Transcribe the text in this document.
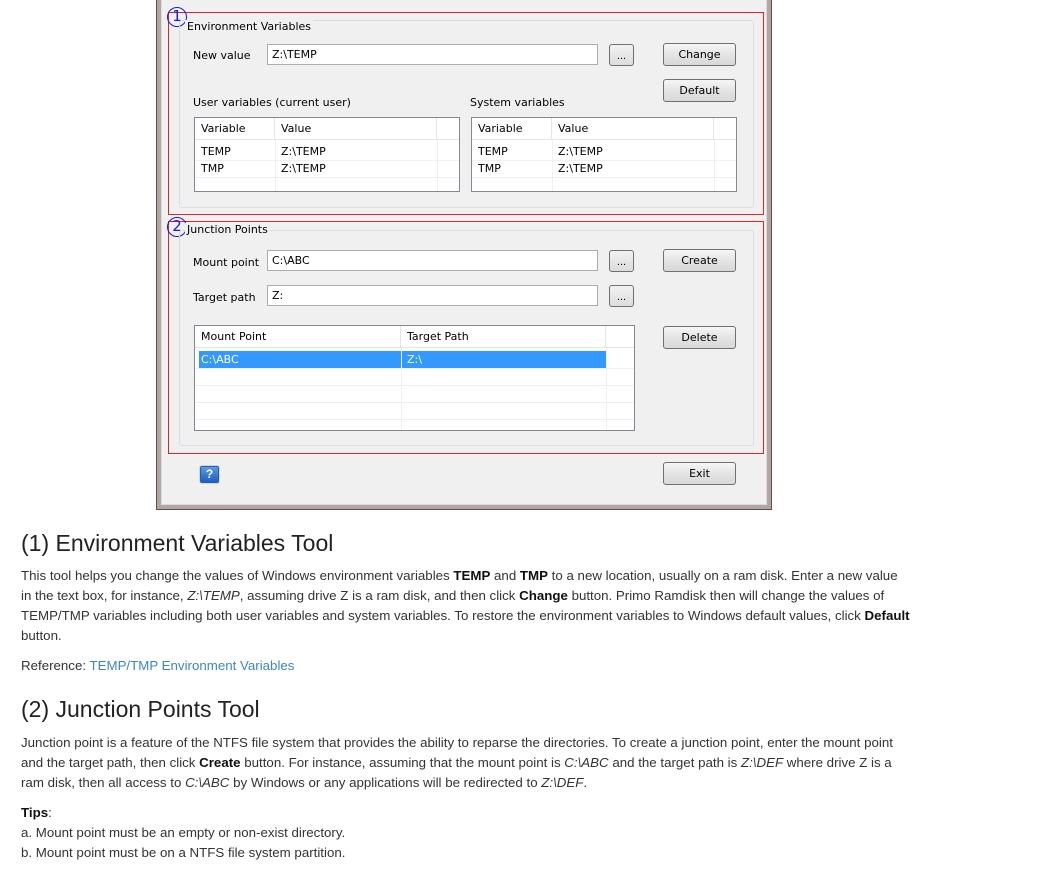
1
Environment Variables
New value	Z:\TEMP	...	Change
Default
User variables (current user)	System variables
Variable	Value
TEMP	Z:\TEMP
TMP	Z:\TEMP
Variable	Value
TEMP	Z:\TEMP
TMP	Z:\TEMP
2 Junction Points
Mount point	C:\ABC	...	Create
Target path	Z:	...
Delete
Mount Point	Target Path
C:\ABC	Z:\
?	Exit
(1) Environment Variables Tool

This tool helps you change the values of Windows environment variables TEMP and TMP to a new location, usually on a ram disk. Enter a new value in the text box, for instance, Z:\TEMP, assuming drive Z is a ram disk, and then click Change button. Primo Ramdisk then will change the values of TEMP/TMP variables including both user variables and system variables. To restore the environment variables to Windows default values, click Default button.

Reference: TEMP/TMP Environment Variables

(2) Junction Points Tool

Junction point is a feature of the NTFS file system that provides the ability to reparse the directories. To create a junction point, enter the mount point and the target path, then click Create button. For instance, assuming that the mount point is C:\ABC and the target path is Z:\DEF where drive Z is a ram disk, then all access to C:\ABC by Windows or any applications will be redirected to Z:\DEF.

Tips:

a. Mount point must be an empty or non-exist directory.

b. Mount point must be on a NTFS file system partition.
